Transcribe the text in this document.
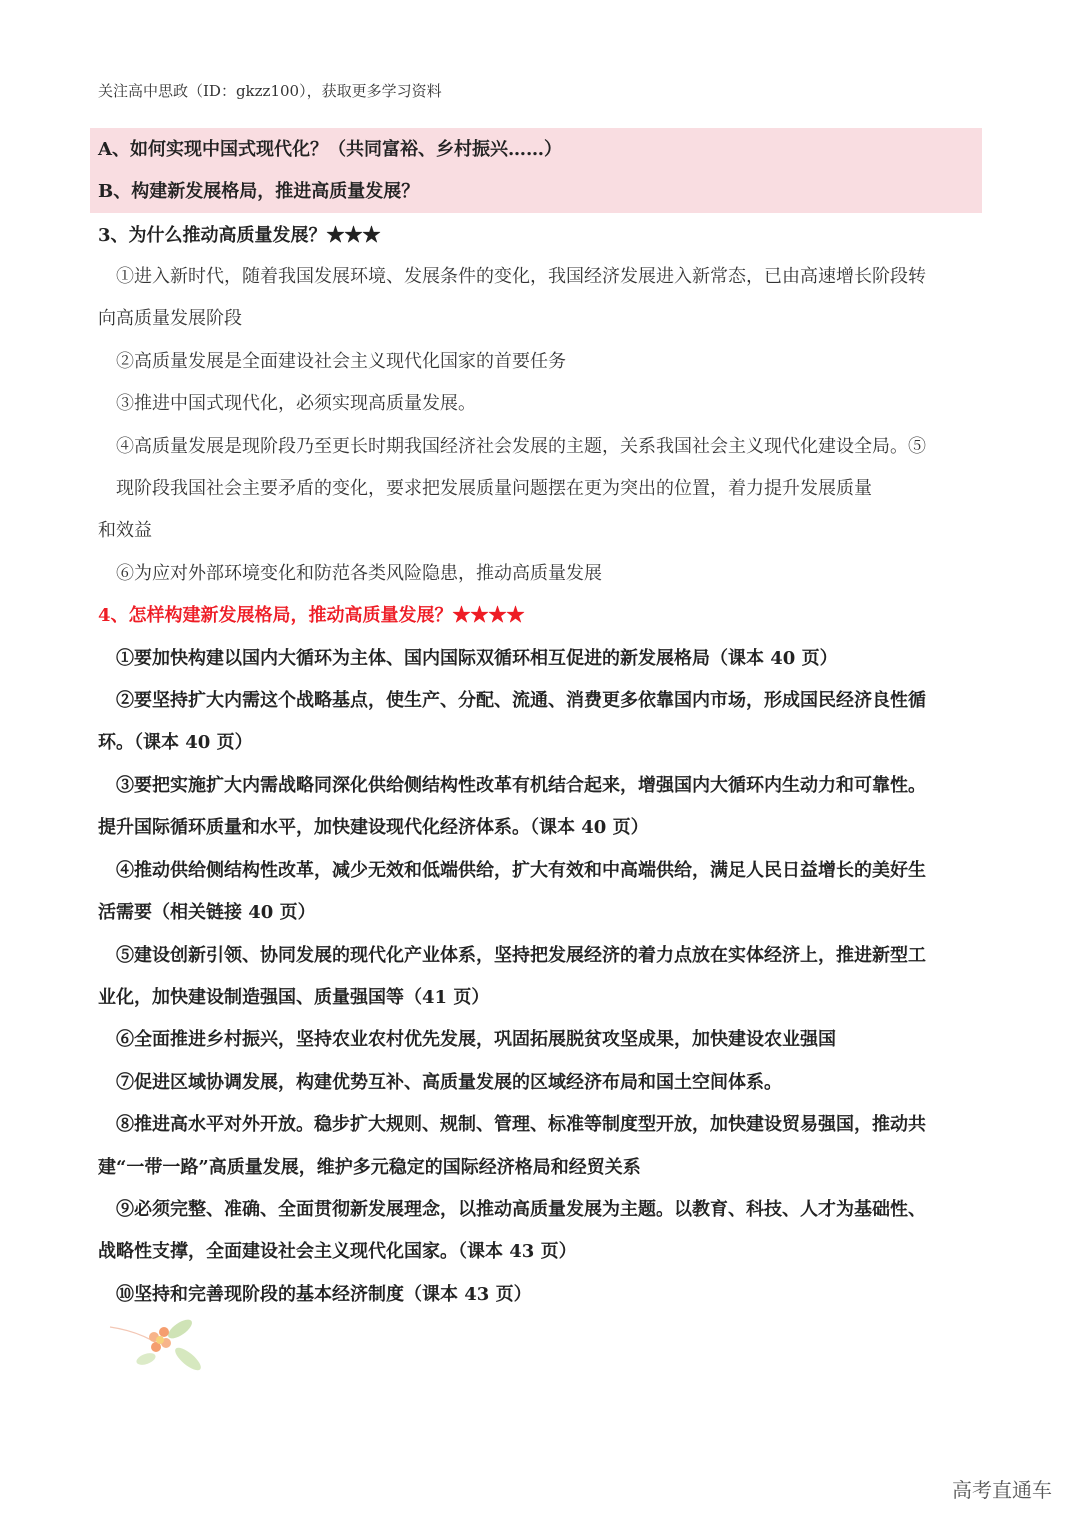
关注高中思政（ID：gkzz100），获取更多学习资料
A、如何实现中国式现代化？（共同富裕、乡村振兴……）
B、构建新发展格局，推进高质量发展？
3、为什么推动高质量发展？★★★
①进入新时代，随着我国发展环境、发展条件的变化，我国经济发展进入新常态，已由高速增长阶段转
向高质量发展阶段
②高质量发展是全面建设社会主义现代化国家的首要任务
③推进中国式现代化，必须实现高质量发展。
④高质量发展是现阶段乃至更长时期我国经济社会发展的主题，关系我国社会主义现代化建设全局。⑤
现阶段我国社会主要矛盾的变化，要求把发展质量问题摆在更为突出的位置，着力提升发展质量
和效益
⑥为应对外部环境变化和防范各类风险隐患，推动高质量发展
4、怎样构建新发展格局，推动高质量发展？★★★★
①要加快构建以国内大循环为主体、国内国际双循环相互促进的新发展格局（课本 40 页）
②要坚持扩大内需这个战略基点，使生产、分配、流通、消费更多依靠国内市场，形成国民经济良性循
环。（课本 40 页）
③要把实施扩大内需战略同深化供给侧结构性改革有机结合起来，增强国内大循环内生动力和可靠性。
提升国际循环质量和水平，加快建设现代化经济体系。（课本 40 页）
④推动供给侧结构性改革，减少无效和低端供给，扩大有效和中高端供给，满足人民日益增长的美好生
活需要（相关链接 40 页）
⑤建设创新引领、协同发展的现代化产业体系，坚持把发展经济的着力点放在实体经济上，推进新型工
业化，加快建设制造强国、质量强国等（41 页）
⑥全面推进乡村振兴，坚持农业农村优先发展，巩固拓展脱贫攻坚成果，加快建设农业强国
⑦促进区域协调发展，构建优势互补、高质量发展的区域经济布局和国土空间体系。
⑧推进高水平对外开放。稳步扩大规则、规制、管理、标准等制度型开放，加快建设贸易强国，推动共
建“一带一路”高质量发展，维护多元稳定的国际经济格局和经贸关系
⑨必须完整、准确、全面贯彻新发展理念，以推动高质量发展为主题。以教育、科技、人才为基础性、
战略性支撑，全面建设社会主义现代化国家。（课本 43 页）
⑩坚持和完善现阶段的基本经济制度（课本 43 页）
高考直通车
